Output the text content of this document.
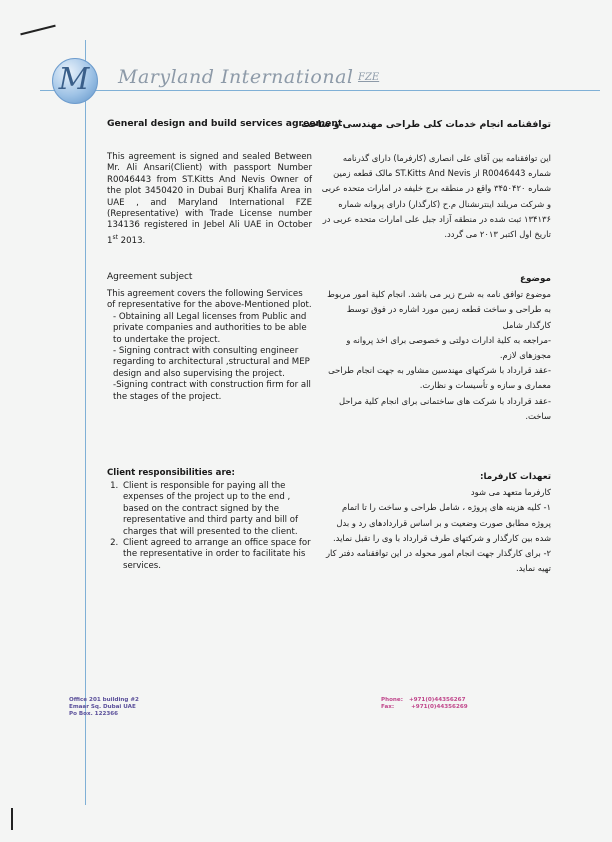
M	Maryland International FZE
General design and build services agreement.
This agreement is signed and sealed Between Mr. Ali Ansari(Client) with passport Number R0046443 from ST.Kitts And Nevis Owner of the plot 3450420 in Dubai Burj Khalifa Area in UAE , and Maryland International FZE (Representative) with Trade License number 134136 registered in Jebel Ali UAE in October 1st 2013.
Agreement subject

This agreement covers the following Services of representative for the above-Mentioned plot.

- Obtaining all Legal licenses from Public and private companies and authorities to be able to undertake the project.
- Signing contract with consulting engineer regarding to architectural ,structural and MEP design and also supervising the project.
-Signing contract with construction firm for all the stages of the project.
Client responsibilities are:
1. Client is responsible for paying all the expenses of the project up to the end , based on the contract signed by the representative and third party and bill of charges that will presented to the client.
2. Client agreed to arrange an office space for the representative in order to facilitate his services.
توافقنامه انجام خدمات کلی طراحی مهندسی و ساخت

این توافقنامه بین آقای علی انصاری (کارفرما) دارای گذرنامه شماره R0046443 از ST.Kitts And Nevis مالک قطعه زمین شماره ۳۴۵۰۴۲۰ واقع در منطقه برج خلیفه در امارات متحده عربی و شرکت مریلند اینترنشنال م.ح (کارگذار) دارای پروانه شماره ۱۳۴۱۳۶ ثبت شده در منطقه آزاد جبل علی امارات متحده عربی در تاریخ اول اکتبر ۲۰۱۳ می گردد.

موضوع

موضوع توافق نامه به شرح زیر می باشد. انجام کلیة امور مربوط به طراحی و ساخت قطعه زمین مورد اشاره در فوق توسط کارگذار شامل

-مراجعه به کلیة ادارات دولتی و خصوصی برای اخذ پروانه و مجوزهای لازم.

-عقد قرارداد با شرکتهای مهندسین مشاور به جهت انجام طراحی معماری و سازه و تأسیسات و نظارت.

-عقد قرارداد با شرکت های ساختمانی برای انجام کلیة مراحل ساخت.

تعهدات کارفرما:

کارفرما متعهد می شود

۱- کلیه هزینه های پروژه ، شامل طراحی و ساخت را تا اتمام پروژه مطابق صورت وضعیت و بر اساس قراردادهای رد و بدل شده بین کارگذار و شرکتهای طرف قرارداد با وی را تقبل نماید.

۲- برای کارگذار جهت انجام امور محوله در این توافقنامه دفتر کار تهیه نماید.

Office 201 building #2
Emaar Sq. Dubai UAE
Po Box. 122366
Phone: +971(0)44356267
Fax:	+971(0)44356269
